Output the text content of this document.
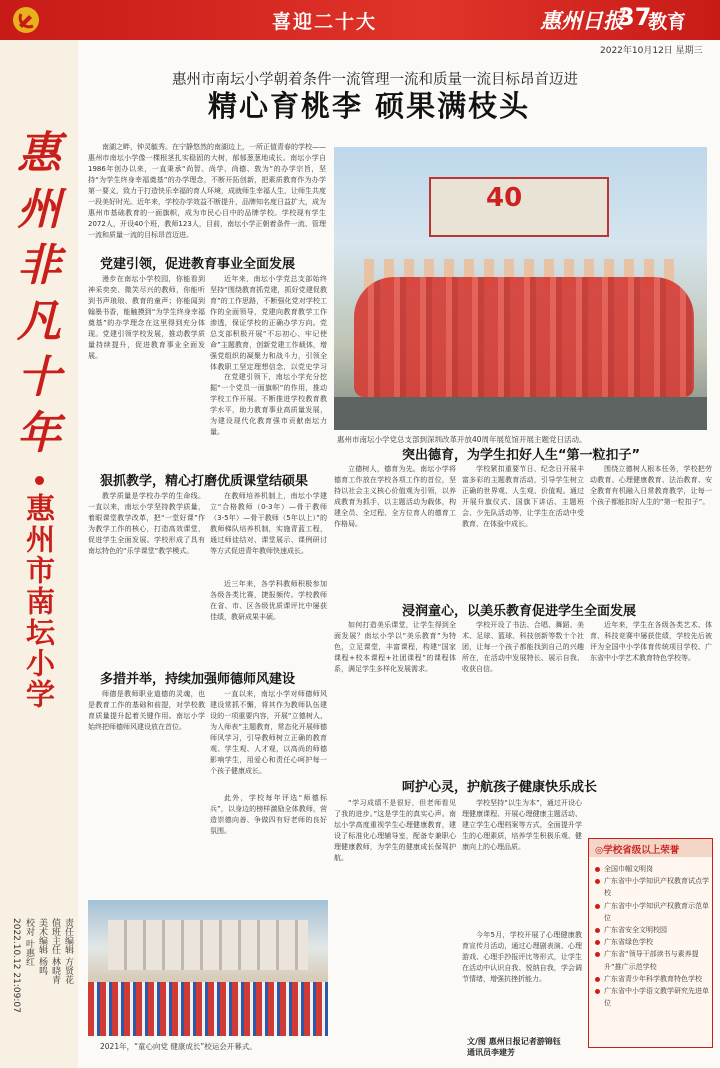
喜迎二十大	惠州日报
37
教育
2022年10月12日 星期三
惠
州
非
凡
十
年
惠州市南坛小学
责任编辑 方贤花
值班主任 林晓青
美术编辑 杨鸣
校对 叶惠红
2022.10.12 21:09:07
惠州市南坛小学朝着条件一流管理一流和质量一流目标昂首迈进
精心育桃李 硕果满枝头
南湖之畔，钟灵毓秀。在宁静悠然的南湖边上，一所正值青春的学校——惠州市南坛小学像一棵根茎扎实稳固的大树，郁郁葱葱地成长。南坛小学自1986年创办以来，一直秉承“尚智、尚学、尚德、敦为”的办学宗旨，坚持“为学生终身幸福奠基”的办学理念，不断开拓创新，把素质教育作为办学第一要义，致力于打造快乐幸福的育人环境，成就师生幸福人生，让师生共度一段美好时光。近年来，学校办学效益不断提升，品牌知名度日益扩大，成为惠州市基础教育的一面旗帜，成为市民心目中的品牌学校。学校现有学生2072人，开设40个班，教师123人，目前，南坛小学正朝着条件一流、管理一流和质量一流的目标昂首迈进。
党建引领，促进教育事业全面发展
漫步在南坛小学校园，你能看到神采奕奕、微笑尽兴的教师，你能听到书声琅琅、教育的童声；你能闻到翰墨书香，能触摸到“为学生终身幸福奠基”的办学理念在这里得到充分体现。党建引领学校发展，推动教学质量持续提升，促进教育事业全面发展。
近年来，南坛小学党总支部始终坚持“围绕教育抓党建，抓好党建促教育”的工作思路，不断强化党对学校工作的全面领导，党建向教育教学工作渗透，保证学校的正确办学方向。党总支部积极开展“不忘初心、牢记使命”主题教育，创新党建工作载体，增强党组织的凝聚力和战斗力，引领全体教职工坚定理想信念，以党史学习
在党建引领下，南坛小学充分挖掘“一个党员一面旗帜”的作用，推动学校工作开展。不断推进学校教育教学水平，助力教育事业高质量发展，为建设现代化教育强市贡献南坛力量。
狠抓教学，精心打磨优质课堂结硕果
教学质量是学校办学的生命线。一直以来，南坛小学坚持教学质量，着眼课堂教学改革，把“一堂好课”作为教学工作的核心，打造高效课堂，促进学生全面发展。学校形成了具有南坛特色的“乐学课堂”教学模式。
在教师培养机制上，南坛小学建立“合格教师（0-3年）—骨干教师（3-5年）—骨干教师（5年以上）”的教师梯队培养机制，实施青蓝工程，通过师徒结对、课堂展示、课例研讨等方式促进青年教师快速成长。
近三年来，各学科教师积极参加各级各类比赛，捷报频传。学校教师在省、市、区各级优质课评比中屡获佳绩，教研成果丰硕。
多措并举，持续加强师德师风建设
师德是教师职业道德的灵魂，也是教育工作的基础和前提，对学校教育质量提升起着关键作用。南坛小学始终把师德师风建设放在首位。
一直以来，南坛小学对师德师风建设常抓不懈，将其作为教师队伍建设的一项重要内容，开展“立德树人、为人师表”主题教育，常态化开展师德师风学习，引导教师树立正确的教育观、学生观、人才观，以高尚的师德影响学生，用爱心和责任心呵护每一个孩子健康成长。
此外，学校每年评选“师德标兵”，以身边的榜样激励全体教师，营造崇德向善、争做四有好老师的良好氛围。
40
惠州市南坛小学党总支部到深圳改革开放40周年展览馆开展主题党日活动。
突出德育，为学生扣好人生“第一粒扣子”
立德树人，德育为先。南坛小学将德育工作放在学校各项工作的首位，坚持以社会主义核心价值观为引领，以养成教育为抓手，以主题活动为载体，构建全员、全过程、全方位育人的德育工作格局。
学校紧扣重要节日、纪念日开展丰富多彩的主题教育活动，引导学生树立正确的世界观、人生观、价值观。通过开展升旗仪式、国旗下讲话、主题班会、少先队活动等，让学生在活动中受教育、在体验中成长。
围绕立德树人根本任务，学校把劳动教育、心理健康教育、法治教育、安全教育有机融入日常教育教学，让每一个孩子都能扣好人生的“第一粒扣子”。
浸润童心，以美乐教育促进学生全面发展
如何打造美乐课堂，让学生得到全面发展？南坛小学以“美乐教育”为特色，立足课堂，丰富课程，构建“国家课程+校本课程+社团课程”的课程体系，满足学生多样化发展需求。
学校开设了书法、合唱、舞蹈、美术、足球、篮球、科技创新等数十个社团，让每一个孩子都能找到自己的兴趣所在，在活动中发展特长、展示自我、收获自信。
近年来，学生在各级各类艺术、体育、科技竞赛中屡获佳绩，学校先后被评为全国中小学体育传统项目学校、广东省中小学艺术教育特色学校等。
呵护心灵，护航孩子健康快乐成长
“学习成绩不是很好，但老师看见了我的进步。”这是学生的真实心声。南坛小学高度重视学生心理健康教育，建设了标准化心理辅导室，配备专兼职心理健康教师，为学生的健康成长保驾护航。
学校坚持“以生为本”，通过开设心理健康课程、开展心理健康主题活动、建立学生心理档案等方式，全面提升学生的心理素质，培养学生积极乐观、健康向上的心理品质。
今年5月，学校开展了心理健康教育宣传月活动，通过心理剧表演、心理游戏、心理手抄报评比等形式，让学生在活动中认识自我、悦纳自我，学会调节情绪，增强抗挫折能力。
文/图 惠州日报记者游锦钰
通讯员李建芳
2021年，“童心向党 健康成长”校运会开幕式。
◎学校省级以上荣誉
全国巾帼文明岗
广东省中小学知识产权教育试点学校
广东省中小学知识产权教育示范单位
广东省安全文明校园
广东省绿色学校
广东省“领导干部读书与素养提升”推广示范学校
广东省青少年科学教育特色学校
广东省中小学语文教学研究先进单位
